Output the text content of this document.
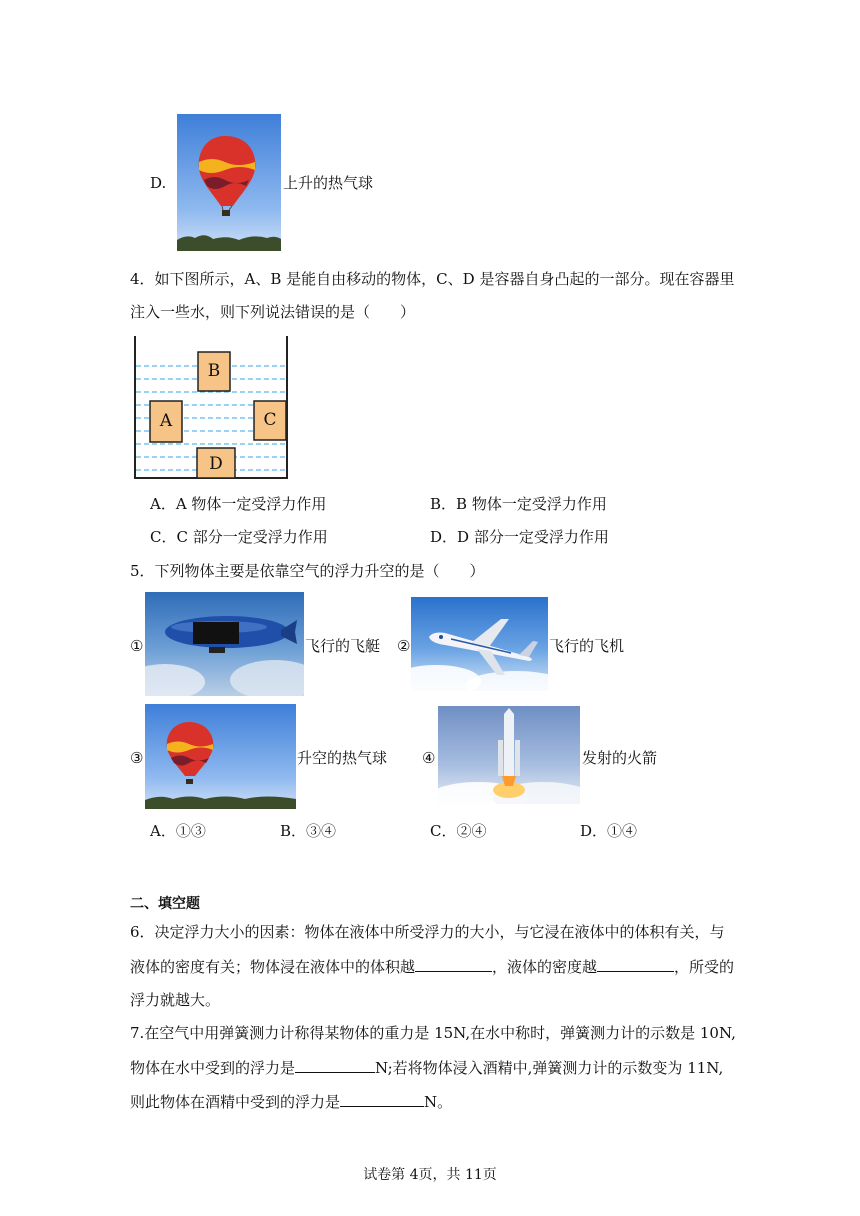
D.	上升的热气球
4．如下图所示，A、B 是能自由移动的物体，C、D 是容器自身凸起的一部分。现在容器里
注入一些水，则下列说法错误的是（　　）
B
A	C
D
A．A 物体一定受浮力作用	B．B 物体一定受浮力作用
C．C 部分一定受浮力作用	D．D 部分一定受浮力作用
5．下列物体主要是依靠空气的浮力升空的是（　　）
①	飞行的飞艇 ②	飞行的飞机
③	升空的热气球 ④	发射的火箭
A．①③	B．③④	C．②④	D．①④
二、填空题
6．决定浮力大小的因素：物体在液体中所受浮力的大小，与它浸在液体中的体积有关，与
液体的密度有关；物体浸在液体中的体积越	，液体的密度越	，所受的
浮力就越大。
7.在空气中用弹簧测力计称得某物体的重力是 15N,在水中称时，弹簧测力计的示数是 10N,
物体在水中受到的浮力是	N;若将物体浸入酒精中,弹簧测力计的示数变为 11N,
则此物体在酒精中受到的浮力是	N。
试卷第 4页，共 11页
